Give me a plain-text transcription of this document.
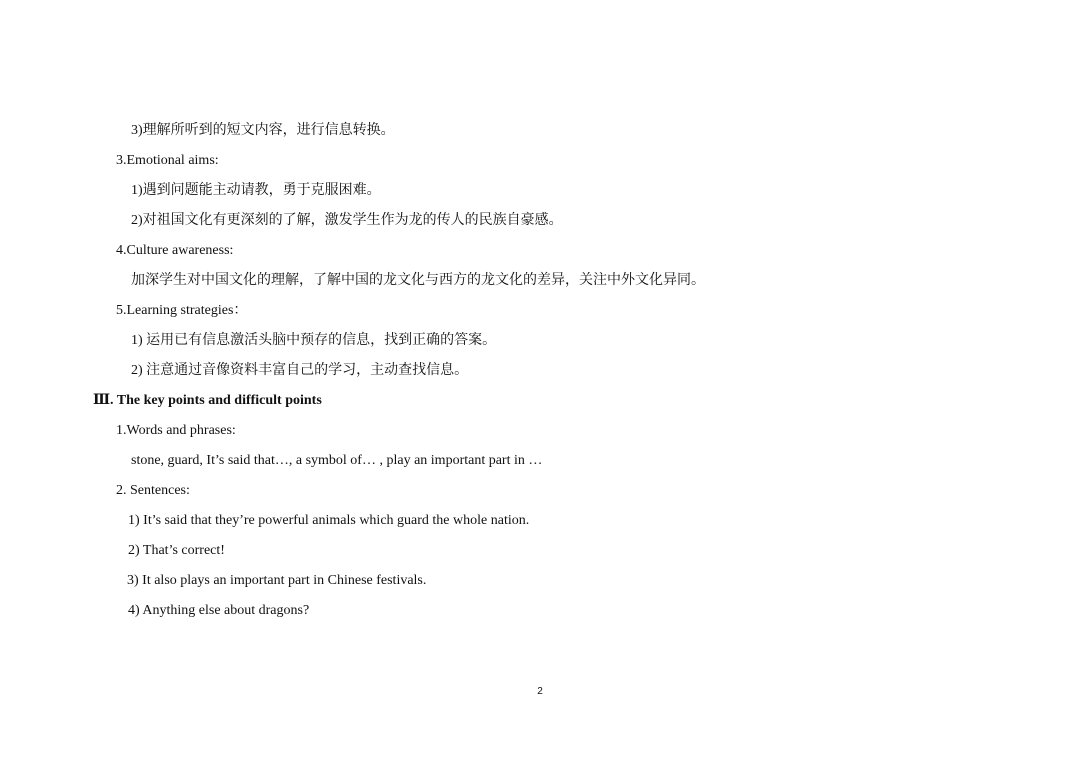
3)理解所听到的短文内容，进行信息转换。
3.Emotional aims:
1)遇到问题能主动请教，勇于克服困难。
2)对祖国文化有更深刻的了解，激发学生作为龙的传人的民族自豪感。
4.Culture awareness:
加深学生对中国文化的理解，了解中国的龙文化与西方的龙文化的差异，关注中外文化异同。
5.Learning strategies：
1) 运用已有信息激活头脑中预存的信息，找到正确的答案。
2) 注意通过音像资料丰富自己的学习，主动查找信息。
Ⅲ. The key points and difficult points
1.Words and phrases:
stone, guard, It’s said that…, a symbol of… , play an important part in …
2. Sentences:
1) It’s said that they’re powerful animals which guard the whole nation.
2) That’s correct!
3) It also plays an important part in Chinese festivals.
4) Anything else about dragons?
2
